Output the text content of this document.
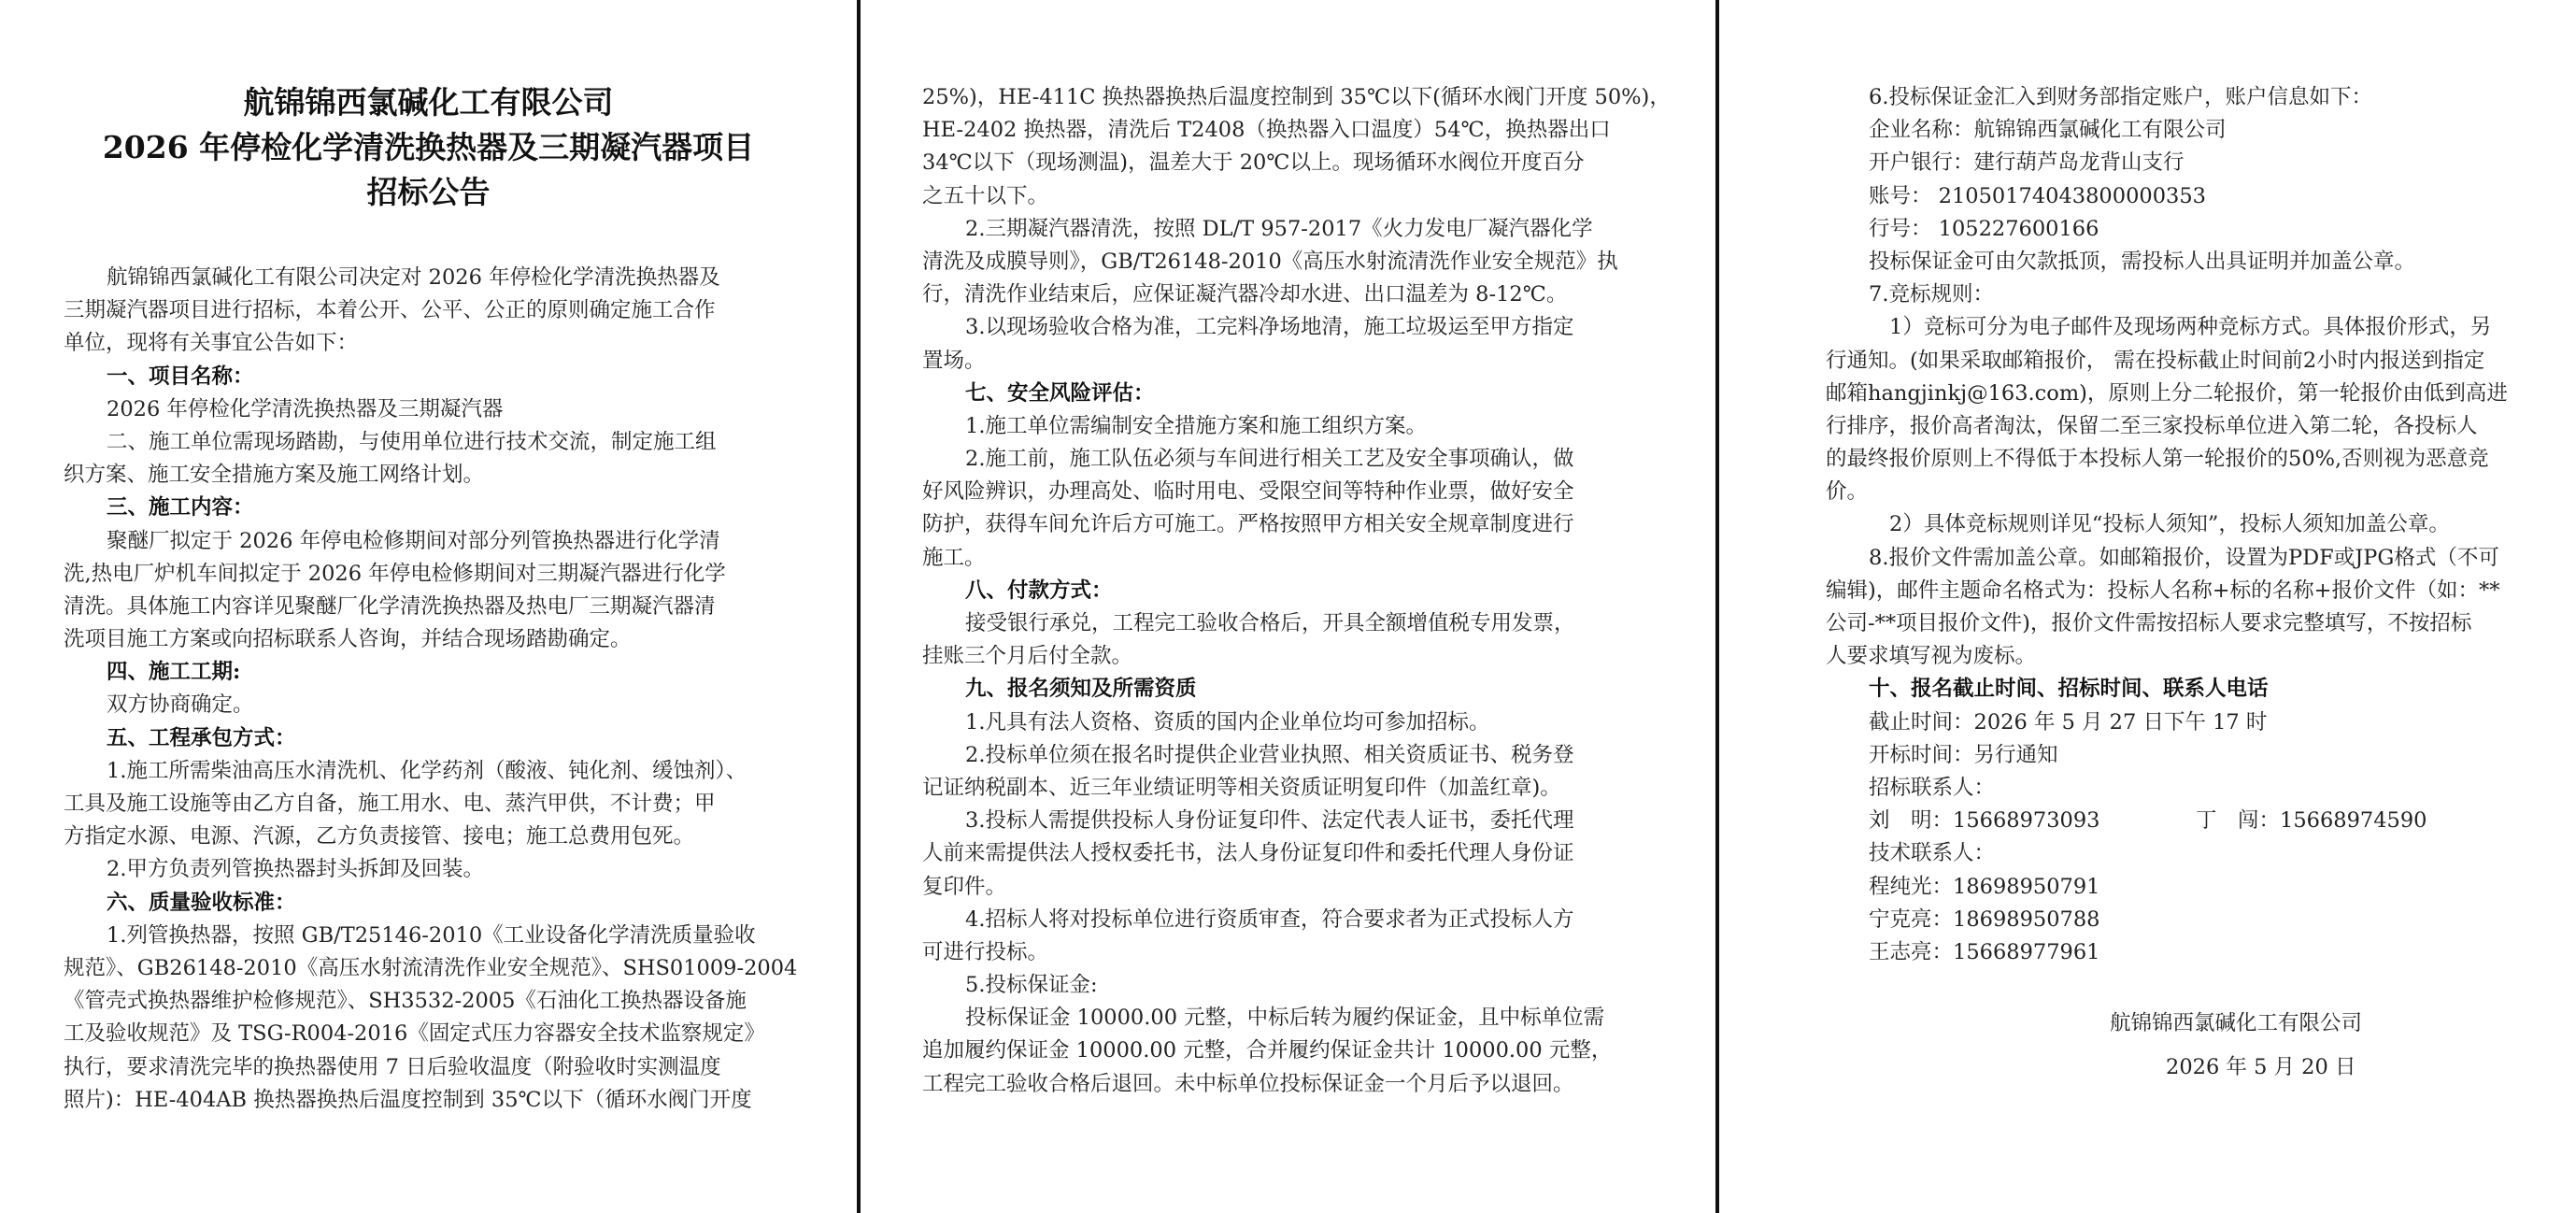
航锦锦西氯碱化工有限公司
2026 年停检化学清洗换热器及三期凝汽器项目
招标公告
航锦锦西氯碱化工有限公司决定对 2026 年停检化学清洗换热器及
三期凝汽器项目进行招标，本着公开、公平、公正的原则确定施工合作
单位，现将有关事宜公告如下：
一、项目名称：
2026 年停检化学清洗换热器及三期凝汽器
二、施工单位需现场踏勘，与使用单位进行技术交流，制定施工组
织方案、施工安全措施方案及施工网络计划。
三、施工内容：
聚醚厂拟定于 2026 年停电检修期间对部分列管换热器进行化学清
洗,热电厂炉机车间拟定于 2026 年停电检修期间对三期凝汽器进行化学
清洗。具体施工内容详见聚醚厂化学清洗换热器及热电厂三期凝汽器清
洗项目施工方案或向招标联系人咨询，并结合现场踏勘确定。
四、施工工期:
双方协商确定。
五、工程承包方式：
1.施工所需柴油高压水清洗机、化学药剂（酸液、钝化剂、缓蚀剂）、
工具及施工设施等由乙方自备，施工用水、电、蒸汽甲供，不计费；甲
方指定水源、电源、汽源，乙方负责接管、接电；施工总费用包死。
2.甲方负责列管换热器封头拆卸及回装。
六、质量验收标准：
1.列管换热器，按照 GB/T25146-2010《工业设备化学清洗质量验收
规范》、GB26148-2010《高压水射流清洗作业安全规范》、SHS01009-2004
《管壳式换热器维护检修规范》、SH3532-2005《石油化工换热器设备施
工及验收规范》及 TSG-R004-2016《固定式压力容器安全技术监察规定》
执行，要求清洗完毕的换热器使用 7 日后验收温度（附验收时实测温度
照片)：HE-404AB 换热器换热后温度控制到 35℃以下（循环水阀门开度
25%)，HE-411C 换热器换热后温度控制到 35℃以下(循环水阀门开度 50%)，
HE-2402 换热器，清洗后 T2408（换热器入口温度）54℃，换热器出口
34℃以下（现场测温)，温差大于 20℃以上。现场循环水阀位开度百分
之五十以下。
2.三期凝汽器清洗，按照 DL/T 957-2017《火力发电厂凝汽器化学
清洗及成膜导则》，GB/T26148-2010《高压水射流清洗作业安全规范》执
行，清洗作业结束后，应保证凝汽器冷却水进、出口温差为 8-12℃。
3.以现场验收合格为准，工完料净场地清，施工垃圾运至甲方指定
置场。
七、安全风险评估：
1.施工单位需编制安全措施方案和施工组织方案。
2.施工前，施工队伍必须与车间进行相关工艺及安全事项确认，做
好风险辨识，办理高处、临时用电、受限空间等特种作业票，做好安全
防护，获得车间允许后方可施工。严格按照甲方相关安全规章制度进行
施工。
八、付款方式：
接受银行承兑，工程完工验收合格后，开具全额增值税专用发票，
挂账三个月后付全款。
九、报名须知及所需资质
1.凡具有法人资格、资质的国内企业单位均可参加招标。
2.投标单位须在报名时提供企业营业执照、相关资质证书、税务登
记证纳税副本、近三年业绩证明等相关资质证明复印件（加盖红章)。
3.投标人需提供投标人身份证复印件、法定代表人证书，委托代理
人前来需提供法人授权委托书，法人身份证复印件和委托代理人身份证
复印件。
4.招标人将对投标单位进行资质审查，符合要求者为正式投标人方
可进行投标。
5.投标保证金:
投标保证金 10000.00 元整，中标后转为履约保证金，且中标单位需
追加履约保证金 10000.00 元整，合并履约保证金共计 10000.00 元整，
工程完工验收合格后退回。未中标单位投标保证金一个月后予以退回。
6.投标保证金汇入到财务部指定账户，账户信息如下：
企业名称：航锦锦西氯碱化工有限公司
开户银行：建行葫芦岛龙背山支行
账号： 21050174043800000353
行号： 105227600166
投标保证金可由欠款抵顶，需投标人出具证明并加盖公章。
7.竞标规则：
1）竞标可分为电子邮件及现场两种竞标方式。具体报价形式，另
行通知。(如果采取邮箱报价， 需在投标截止时间前2小时内报送到指定
邮箱hangjinkj@163.com)，原则上分二轮报价，第一轮报价由低到高进
行排序，报价高者淘汰，保留二至三家投标单位进入第二轮，各投标人
的最终报价原则上不得低于本投标人第一轮报价的50%,否则视为恶意竞
价。
2）具体竞标规则详见“投标人须知”，投标人须知加盖公章。
8.报价文件需加盖公章。如邮箱报价，设置为PDF或JPG格式（不可
编辑)，邮件主题命名格式为：投标人名称+标的名称+报价文件（如：**
公司-**项目报价文件)，报价文件需按招标人要求完整填写，不按招标
人要求填写视为废标。
十、报名截止时间、招标时间、联系人电话
截止时间：2026 年 5 月 27 日下午 17 时
开标时间：另行通知
招标联系人：
刘　明：15668973093	丁　闯：15668974590
技术联系人：
程纯光：18698950791
宁克亮：18698950788
王志亮：15668977961
航锦锦西氯碱化工有限公司
2026 年 5 月 20 日
